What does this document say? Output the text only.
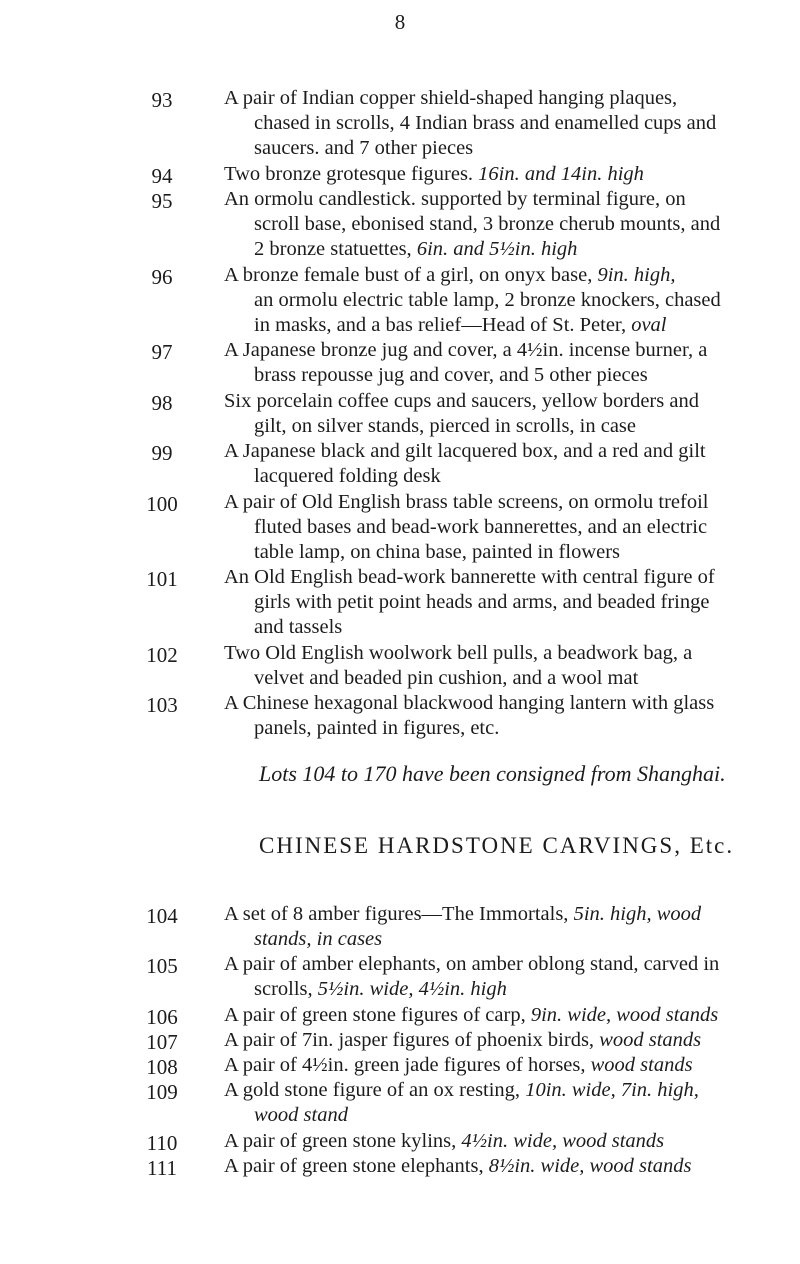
8
93	A pair of Indian copper shield-shaped hanging plaques,
chased in scrolls, 4 Indian brass and enamelled cups and
saucers. and 7 other pieces
94	Two bronze grotesque figures. 16in. and 14in. high
95	An ormolu candlestick. supported by terminal figure, on
scroll base, ebonised stand, 3 bronze cherub mounts, and
2 bronze statuettes, 6in. and 5½in. high
96	A bronze female bust of a girl, on onyx base, 9in. high,
an ormolu electric table lamp, 2 bronze knockers, chased
in masks, and a bas relief—Head of St. Peter, oval
97	A Japanese bronze jug and cover, a 4½in. incense burner, a
brass repousse jug and cover, and 5 other pieces
98	Six porcelain coffee cups and saucers, yellow borders and
gilt, on silver stands, pierced in scrolls, in case
99	A Japanese black and gilt lacquered box, and a red and gilt
lacquered folding desk
100	A pair of Old English brass table screens, on ormolu trefoil
fluted bases and bead-work bannerettes, and an electric
table lamp, on china base, painted in flowers
101	An Old English bead-work bannerette with central figure of
girls with petit point heads and arms, and beaded fringe
and tassels
102	Two Old English woolwork bell pulls, a beadwork bag, a
velvet and beaded pin cushion, and a wool mat
103	A Chinese hexagonal blackwood hanging lantern with glass
panels, painted in figures, etc.
Lots 104 to 170 have been consigned from Shanghai.
CHINESE HARDSTONE CARVINGS, Etc.
104	A set of 8 amber figures—The Immortals, 5in. high, wood
stands, in cases
105	A pair of amber elephants, on amber oblong stand, carved in
scrolls, 5½in. wide, 4½in. high
106	A pair of green stone figures of carp, 9in. wide, wood stands
107	A pair of 7in. jasper figures of phoenix birds, wood stands
108	A pair of 4½in. green jade figures of horses, wood stands
109	A gold stone figure of an ox resting, 10in. wide, 7in. high,
wood stand
110	A pair of green stone kylins, 4½in. wide, wood stands
111	A pair of green stone elephants, 8½in. wide, wood stands
